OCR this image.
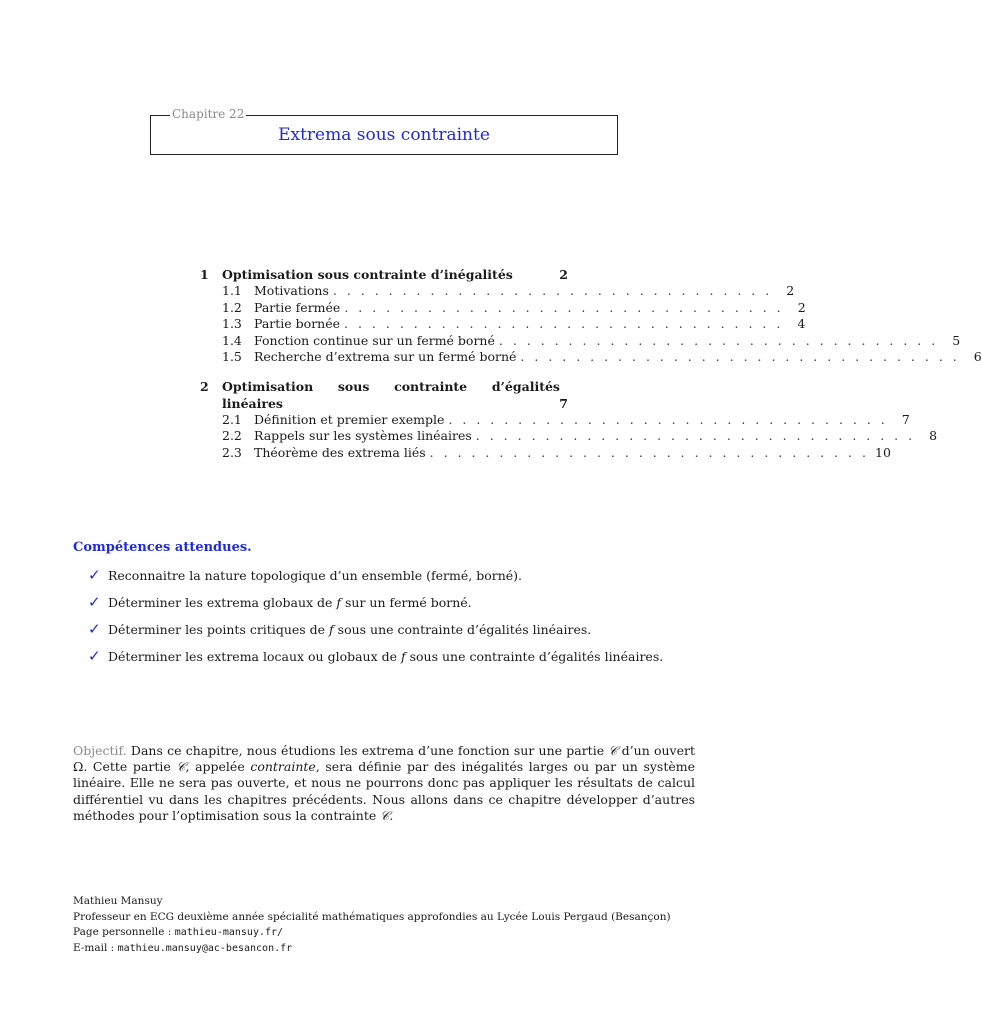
Chapitre 22
Extrema sous contrainte
1	Optimisation sous contrainte d’inégalités	2
1.1 Motivations . . . . . . . . . . . . . . . . . . . . . . . . . . . . . . . .	2
1.2 Partie fermée . . . . . . . . . . . . . . . . . . . . . . . . . . . . . . . .	2
1.3 Partie bornée . . . . . . . . . . . . . . . . . . . . . . . . . . . . . . . .	4
1.4 Fonction continue sur un fermé borné . . . . . . . . . . . . . . . . . . . . . . . . . . . . . . . .	5
1.5 Recherche d’extrema sur un fermé borné . . . . . . . . . . . . . . . . . . . . . . . . . . . . . . . .	6
2	Optimisation sous contrainte d’égalités
linéaires	7
2.1 Définition et premier exemple . . . . . . . . . . . . . . . . . . . . . . . . . . . . . . . .	7
2.2 Rappels sur les systèmes linéaires . . . . . . . . . . . . . . . . . . . . . . . . . . . . . . . .	8
2.3 Théorème des extrema liés . . . . . . . . . . . . . . . . . . . . . . . . . . . . . . . . 10
Compétences attendues.
✓ Reconnaitre la nature topologique d’un ensemble (fermé, borné).
✓ Déterminer les extrema globaux de f sur un fermé borné.
✓ Déterminer les points critiques de f sous une contrainte d’égalités linéaires.
✓ Déterminer les extrema locaux ou globaux de f sous une contrainte d’égalités linéaires.
Objectif. Dans ce chapitre, nous étudions les extrema d’une fonction sur une partie 𝒞 d’un ouvert Ω. Cette partie 𝒞, appelée contrainte, sera définie par des inégalités larges ou par un système linéaire. Elle ne sera pas ouverte, et nous ne pourrons donc pas appliquer les résultats de calcul différentiel vu dans les chapitres précédents. Nous allons dans ce chapitre développer d’autres méthodes pour l’optimisation sous la contrainte 𝒞.
Mathieu Mansuy
Professeur en ECG deuxième année spécialité mathématiques approfondies au Lycée Louis Pergaud (Besançon)
Page personnelle : mathieu-mansuy.fr/
E-mail : mathieu.mansuy@ac-besancon.fr
